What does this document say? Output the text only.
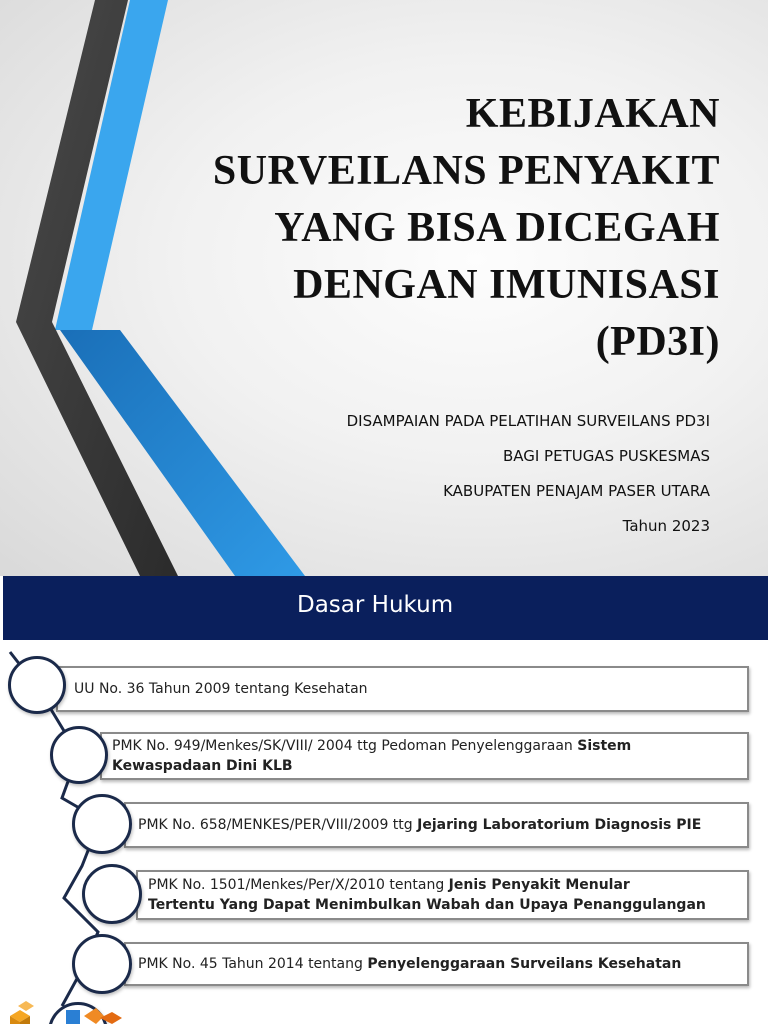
KEBIJAKAN
SURVEILANS PENYAKIT
YANG BISA DICEGAH
DENGAN IMUNISASI
(PD3I)
DISAMPAIAN PADA PELATIHAN SURVEILANS PD3I
BAGI PETUGAS PUSKESMAS
KABUPATEN PENAJAM PASER UTARA
Tahun 2023
Dasar Hukum
UU No. 36 Tahun 2009 tentang Kesehatan
PMK No. 949/Menkes/SK/VIII/ 2004 ttg Pedoman Penyelenggaraan Sistem
Kewaspadaan Dini KLB
PMK No. 658/MENKES/PER/VIII/2009 ttg Jejaring Laboratorium Diagnosis PIE
PMK No. 1501/Menkes/Per/X/2010 tentang Jenis Penyakit Menular
Tertentu Yang Dapat Menimbulkan Wabah dan Upaya Penanggulangan
PMK No. 45 Tahun 2014 tentang Penyelenggaraan Surveilans Kesehatan
